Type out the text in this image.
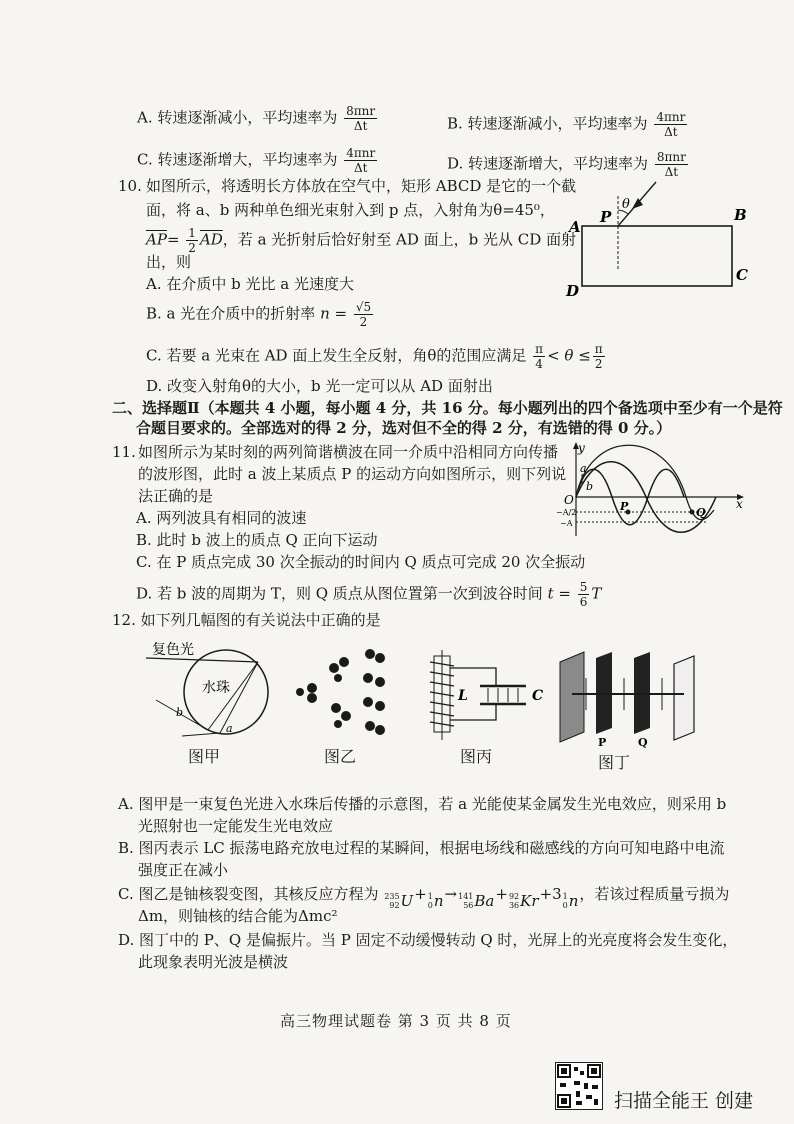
A. 转速逐渐减小，平均速率为 $\frac{\text{8πnr}}{\Delta t}$	B. 转速逐渐减小，平均速率为 $\frac{\text{4πnr}}{\Delta t}$
C. 转速逐渐增大，平均速率为 $\frac{\text{4πnr}}{\Delta t}$	D. 转速逐渐增大，平均速率为 $\frac{\text{8πnr}}{\Delta t}$
10. 如图所示，将透明长方体放在空气中，矩形 ABCD 是它的一个截
面，将 a、b 两种单色细光束射入到 p 点，入射角为θ=45⁰，
$\overline{AP}= \frac{1}{2} \overline{AD}$，若 a 光折射后恰好射至 AD 面上，b 光从 CD 面射
出，则
A. 在介质中 b 光比 a 光速度大
B. a 光在介质中的折射率 $n = \frac{√5}{2}$
C. 若要 a 光束在 AD 面上发生全反射，角θ的范围应满足 $\frac{\pi}{4} < \theta \le \frac{\pi}{2}$
D. 改变入射角θ的大小，b 光一定可以从 AD 面射出
A
B
C
D
P
θ
二、选择题Ⅱ（本题共 4 小题，每小题 4 分，共 16 分。每小题列出的四个备选项中至少有一个是符
合题目要求的。全部选对的得 2 分，选对但不全的得 2 分，有选错的得 0 分。）
11. 如图所示为某时刻的两列简谐横波在同一介质中沿相同方向传播
的波形图，此时 a 波上某质点 P 的运动方向如图所示，则下列说
法正确的是
A. 两列波具有相同的波速
B. 此时 b 波上的质点 Q 正向下运动
C. 在 P 质点完成 30 次全振动的时间内 Q 质点可完成 20 次全振动
D. 若 b 波的周期为 T，则 Q 质点从图位置第一次到波谷时间 $t = \frac{5}{6}$ T
y
x
O
a
b
P	Q
−A/2
−A
12. 如下列几幅图的有关说法中正确的是
复色光
水珠
b
a
图甲	图乙
L	C
图丙
P	Q
图丁
A. 图甲是一束复色光进入水珠后传播的示意图，若 a 光能使某金属发生光电效应，则采用 b
光照射也一定能发生光电效应
B. 图丙表示 LC 振荡电路充放电过程的某瞬间，根据电场线和磁感线的方向可知电路中电流
强度正在减小
C. 图乙是铀核裂变图，其核反应方程为 235
92 U + 1
0 n → 141
56 Ba + 92
36 Kr +3 1
0 n ，若该过程质量亏损为
Δm，则铀核的结合能为Δmc²
D. 图丁中的 P、Q 是偏振片。当 P 固定不动缓慢转动 Q 时，光屏上的光亮度将会发生变化，
此现象表明光波是横波
高三物理试题卷 第 3 页 共 8 页
扫描全能王 创建
